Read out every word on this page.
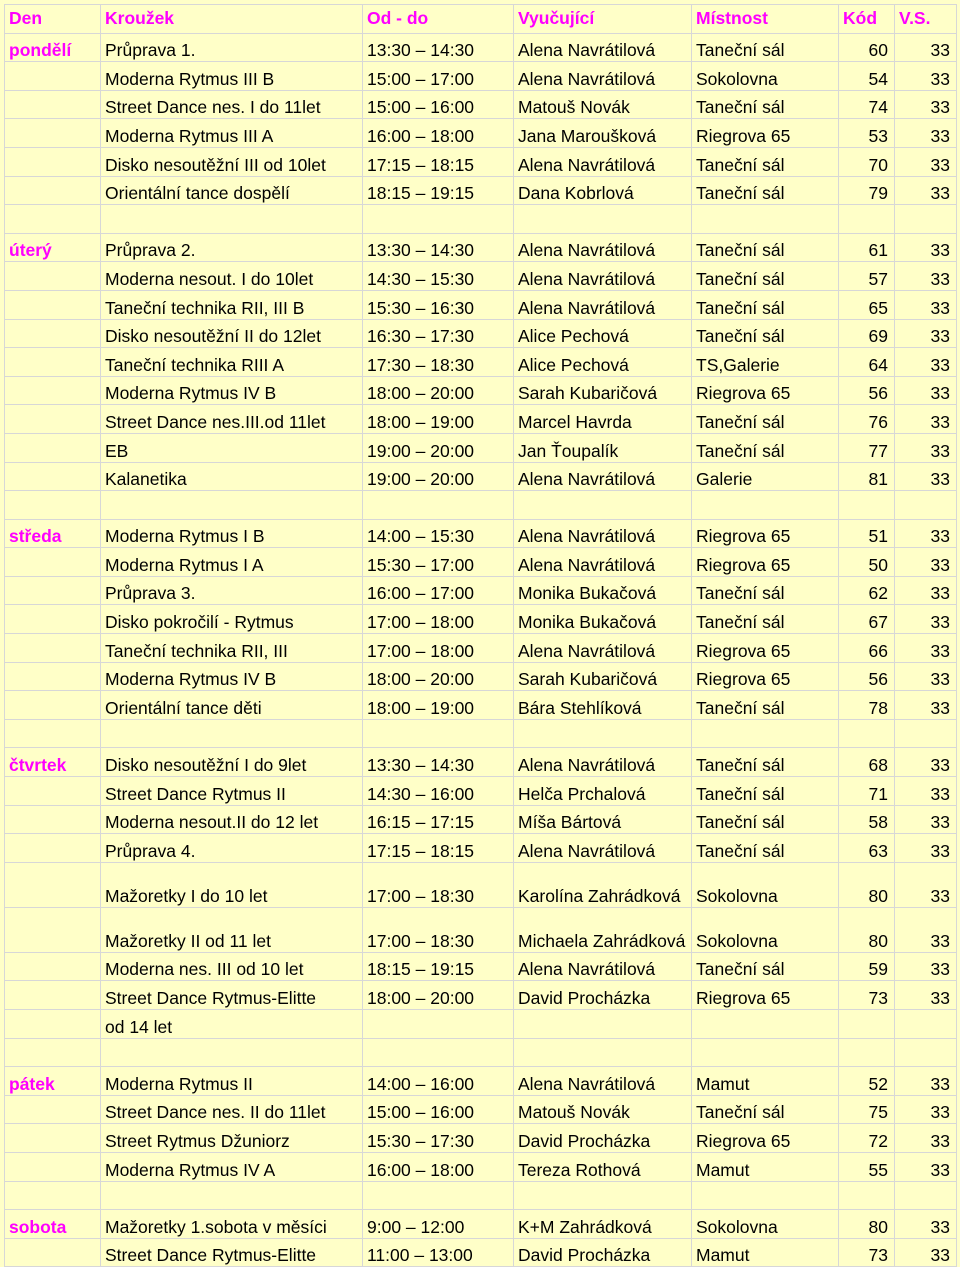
Den	Kroužek	Od - do	Vyučující	Místnost	Kód	V.S.
pondělí	Průprava 1.	13:30 – 14:30	Alena Navrátilová	Taneční sál	60	33
	Moderna Rytmus III B	15:00 – 17:00	Alena Navrátilová	Sokolovna	54	33
	Street Dance nes. I do 11let	15:00 – 16:00	Matouš Novák	Taneční sál	74	33
	Moderna Rytmus III A	16:00 – 18:00	Jana Maroušková	Riegrova 65	53	33
	Disko nesoutěžní III od 10let	17:15 – 18:15	Alena Navrátilová	Taneční sál	70	33
	Orientální tance dospělí	18:15 – 19:15	Dana Kobrlová	Taneční sál	79	33

úterý	Průprava 2.	13:30 – 14:30	Alena Navrátilová	Taneční sál	61	33
	Moderna nesout. I do 10let	14:30 – 15:30	Alena Navrátilová	Taneční sál	57	33
	Taneční technika RII, III B	15:30 – 16:30	Alena Navrátilová	Taneční sál	65	33
	Disko nesoutěžní II do 12let	16:30 – 17:30	Alice Pechová	Taneční sál	69	33
	Taneční technika RIII A	17:30 – 18:30	Alice Pechová	TS,Galerie	64	33
	Moderna Rytmus IV B	18:00 – 20:00	Sarah Kubaričová	Riegrova 65	56	33
	Street Dance nes.III.od 11let	18:00 – 19:00	Marcel Havrda	Taneční sál	76	33
	EB	19:00 – 20:00	Jan Ťoupalík	Taneční sál	77	33
	Kalanetika	19:00 – 20:00	Alena Navrátilová	Galerie	81	33

středa	Moderna Rytmus I B	14:00 – 15:30	Alena Navrátilová	Riegrova 65	51	33
	Moderna Rytmus I A	15:30 – 17:00	Alena Navrátilová	Riegrova 65	50	33
	Průprava 3.	16:00 – 17:00	Monika Bukačová	Taneční sál	62	33
	Disko pokročilí - Rytmus	17:00 – 18:00	Monika Bukačová	Taneční sál	67	33
	Taneční technika RII, III	17:00 – 18:00	Alena Navrátilová	Riegrova 65	66	33
	Moderna Rytmus IV B	18:00 – 20:00	Sarah Kubaričová	Riegrova 65	56	33
	Orientální tance děti	18:00 – 19:00	Bára Stehlíková	Taneční sál	78	33

čtvrtek	Disko nesoutěžní I do 9let	13:30 – 14:30	Alena Navrátilová	Taneční sál	68	33
	Street Dance Rytmus II	14:30 – 16:00	Helča Prchalová	Taneční sál	71	33
	Moderna nesout.II do 12 let	16:15 – 17:15	Míša Bártová	Taneční sál	58	33
	Průprava 4.	17:15 – 18:15	Alena Navrátilová	Taneční sál	63	33
	Mažoretky I do 10 let	17:00 – 18:30	Karolína Zahrádková	Sokolovna	80	33
	Mažoretky II od 11 let	17:00 – 18:30	Michaela Zahrádková	Sokolovna	80	33
	Moderna nes. III od 10 let	18:15 – 19:15	Alena Navrátilová	Taneční sál	59	33
	Street Dance Rytmus-Elitte	18:00 – 20:00	David Procházka	Riegrova 65	73	33
	od 14 let					

pátek	Moderna Rytmus II	14:00 – 16:00	Alena Navrátilová	Mamut	52	33
	Street Dance nes. II do 11let	15:00 – 16:00	Matouš Novák	Taneční sál	75	33
	Street Rytmus Džuniorz	15:30 – 17:30	David Procházka	Riegrova 65	72	33
	Moderna Rytmus IV A	16:00 – 18:00	Tereza Rothová	Mamut	55	33

sobota	Mažoretky 1.sobota v měsíci	9:00 – 12:00	K+M Zahrádková	Sokolovna	80	33
	Street Dance Rytmus-Elitte	11:00 – 13:00	David Procházka	Mamut	73	33
